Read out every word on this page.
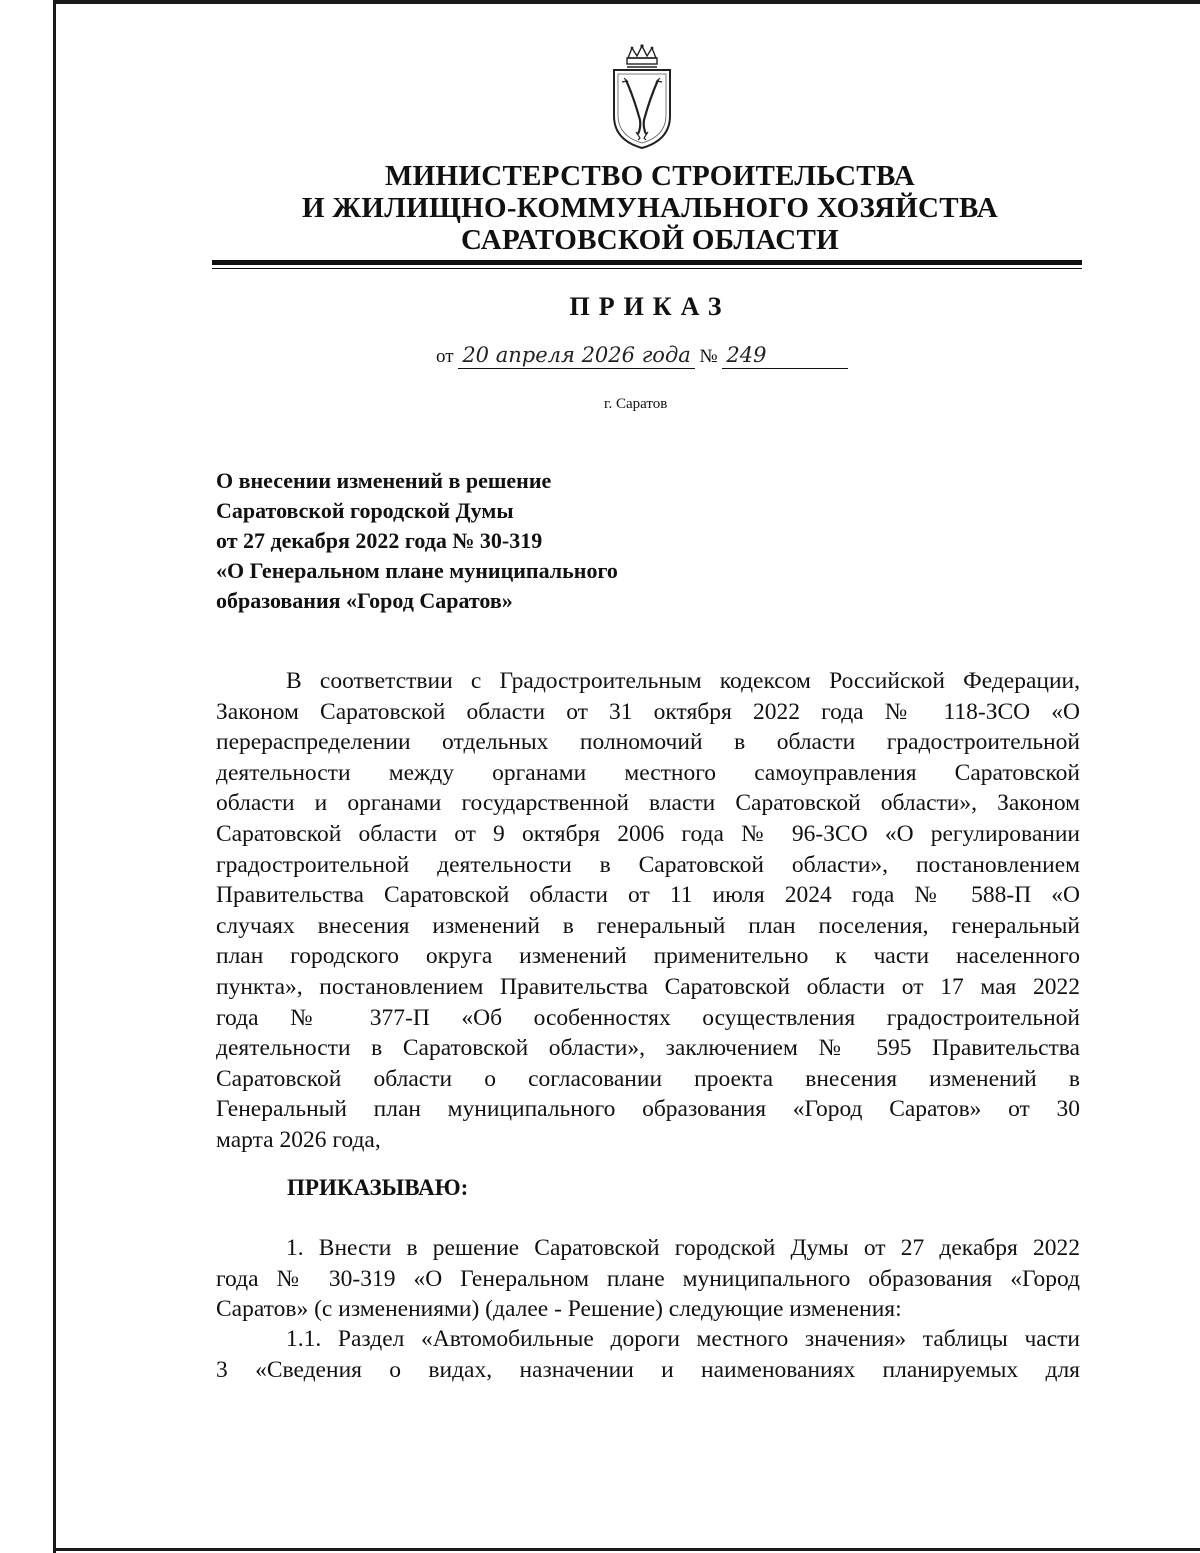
МИНИСТЕРСТВО СТРОИТЕЛЬСТВА
И ЖИЛИЩНО-КОММУНАЛЬНОГО ХОЗЯЙСТВА
САРАТОВСКОЙ ОБЛАСТИ
ПРИКАЗ
от 20 апреля 2026 года № 249
г. Саратов
О внесении изменений в решение
Саратовской городской Думы
от 27 декабря 2022 года № 30-319
«О Генеральном плане муниципального
образования «Город Саратов»
В соответствии с Градостроительным кодексом Российской Федерации,
Законом Саратовской области от 31 октября 2022 года № 118-ЗСО «О
перераспределении отдельных полномочий в области градостроительной
деятельности между органами местного самоуправления Саратовской
области и органами государственной власти Саратовской области», Законом
Саратовской области от 9 октября 2006 года № 96-ЗСО «О регулировании
градостроительной деятельности в Саратовской области», постановлением
Правительства Саратовской области от 11 июля 2024 года № 588-П «О
случаях внесения изменений в генеральный план поселения, генеральный
план городского округа изменений применительно к части населенного
пункта», постановлением Правительства Саратовской области от 17 мая 2022
года № 377-П «Об особенностях осуществления градостроительной
деятельности в Саратовской области», заключением № 595 Правительства
Саратовской области о согласовании проекта внесения изменений в
Генеральный план муниципального образования «Город Саратов» от 30
марта 2026 года,
ПРИКАЗЫВАЮ:
1. Внести в решение Саратовской городской Думы от 27 декабря 2022
года № 30-319 «О Генеральном плане муниципального образования «Город
Саратов» (с изменениями) (далее - Решение) следующие изменения:
1.1. Раздел «Автомобильные дороги местного значения» таблицы части
3 «Сведения о видах, назначении и наименованиях планируемых для
